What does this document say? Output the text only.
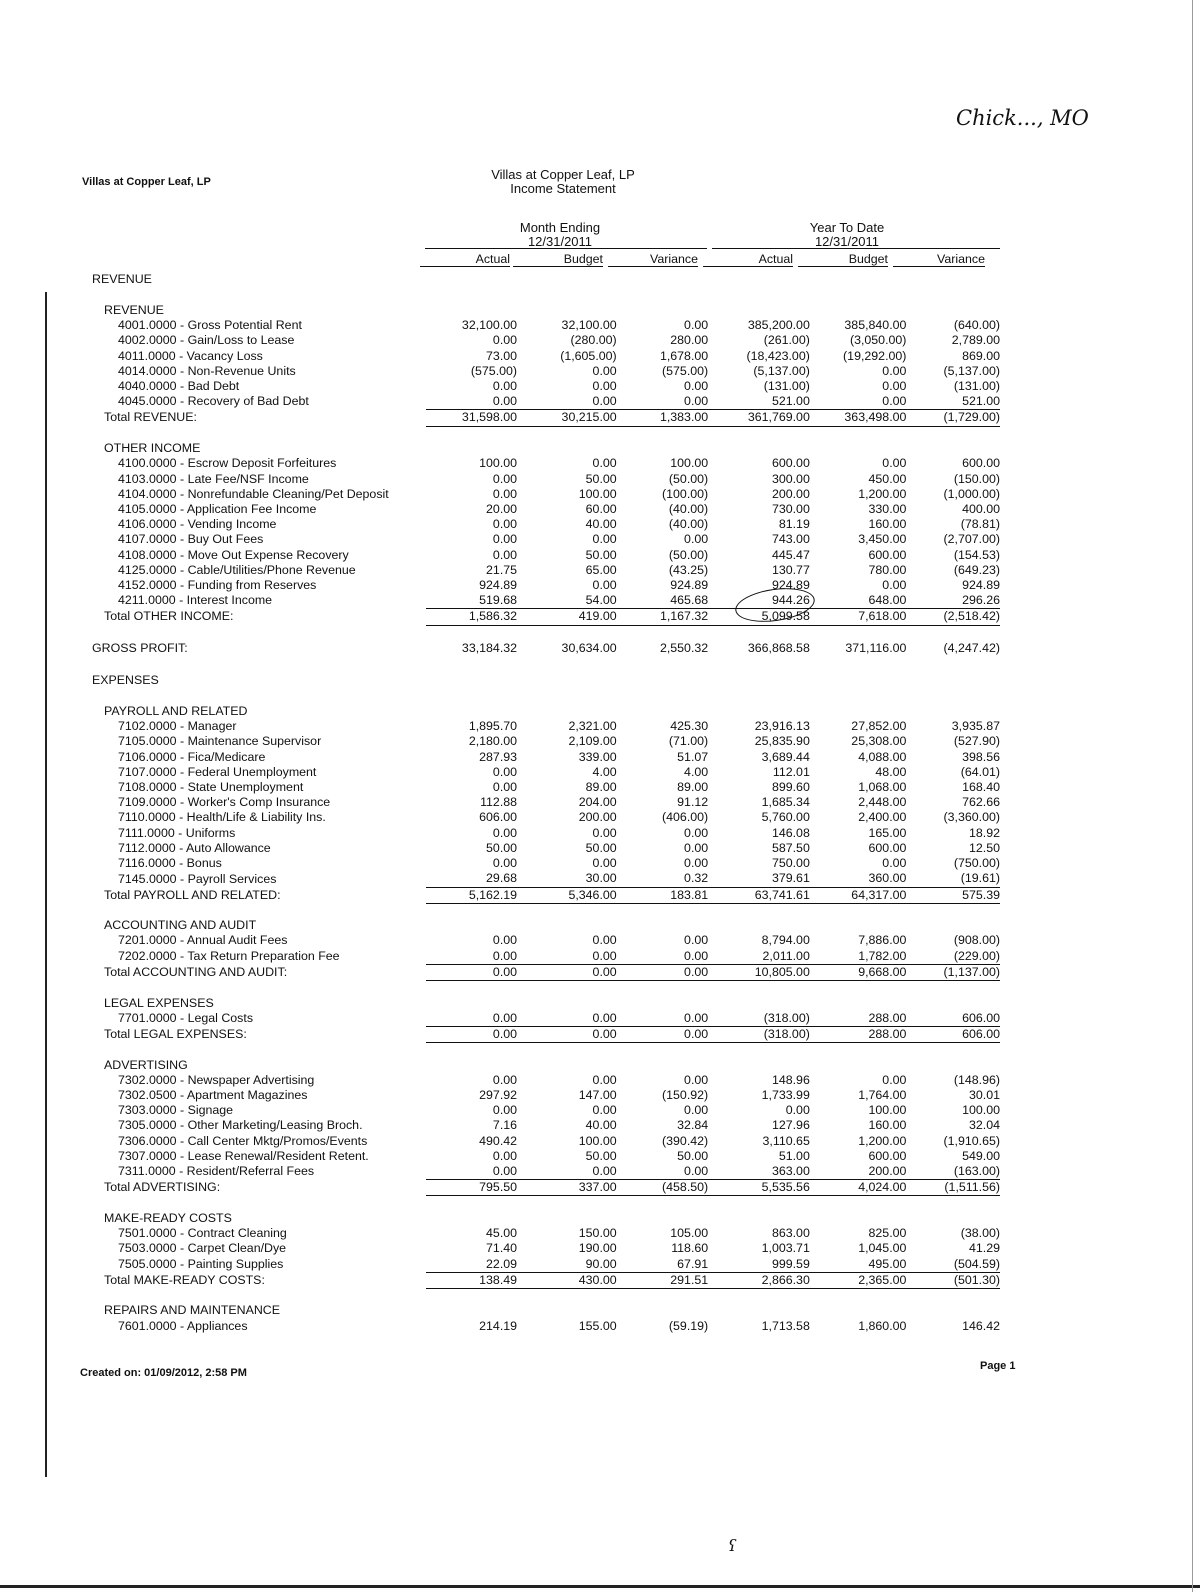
Chick..., MO
Villas at Copper Leaf, LP	Villas at Copper Leaf, LP
Income Statement
Month Ending
12/31/2011
Year To Date
12/31/2011
Actual	Budget	Variance	Actual	Budget	Variance
REVENUE						

REVENUE						
4001.0000 - Gross Potential Rent	32,100.00	32,100.00	0.00	385,200.00	385,840.00	(640.00)
4002.0000 - Gain/Loss to Lease	0.00	(280.00)	280.00	(261.00)	(3,050.00)	2,789.00
4011.0000 - Vacancy Loss	73.00	(1,605.00)	1,678.00	(18,423.00)	(19,292.00)	869.00
4014.0000 - Non-Revenue Units	(575.00)	0.00	(575.00)	(5,137.00)	0.00	(5,137.00)
4040.0000 - Bad Debt	0.00	0.00	0.00	(131.00)	0.00	(131.00)
4045.0000 - Recovery of Bad Debt	0.00	0.00	0.00	521.00	0.00	521.00
Total REVENUE:	31,598.00	30,215.00	1,383.00	361,769.00	363,498.00	(1,729.00)

OTHER INCOME						
4100.0000 - Escrow Deposit Forfeitures	100.00	0.00	100.00	600.00	0.00	600.00
4103.0000 - Late Fee/NSF Income	0.00	50.00	(50.00)	300.00	450.00	(150.00)
4104.0000 - Nonrefundable Cleaning/Pet Deposit	0.00	100.00	(100.00)	200.00	1,200.00	(1,000.00)
4105.0000 - Application Fee Income	20.00	60.00	(40.00)	730.00	330.00	400.00
4106.0000 - Vending Income	0.00	40.00	(40.00)	81.19	160.00	(78.81)
4107.0000 - Buy Out Fees	0.00	0.00	0.00	743.00	3,450.00	(2,707.00)
4108.0000 - Move Out Expense Recovery	0.00	50.00	(50.00)	445.47	600.00	(154.53)
4125.0000 - Cable/Utilities/Phone Revenue	21.75	65.00	(43.25)	130.77	780.00	(649.23)
4152.0000 - Funding from Reserves	924.89	0.00	924.89	924.89	0.00	924.89
4211.0000 - Interest Income	519.68	54.00	465.68	944.26	648.00	296.26
Total OTHER INCOME:	1,586.32	419.00	1,167.32	5,099.58	7,618.00	(2,518.42)

GROSS PROFIT:	33,184.32	30,634.00	2,550.32	366,868.58	371,116.00	(4,247.42)

EXPENSES						

PAYROLL AND RELATED						
7102.0000 - Manager	1,895.70	2,321.00	425.30	23,916.13	27,852.00	3,935.87
7105.0000 - Maintenance Supervisor	2,180.00	2,109.00	(71.00)	25,835.90	25,308.00	(527.90)
7106.0000 - Fica/Medicare	287.93	339.00	51.07	3,689.44	4,088.00	398.56
7107.0000 - Federal Unemployment	0.00	4.00	4.00	112.01	48.00	(64.01)
7108.0000 - State Unemployment	0.00	89.00	89.00	899.60	1,068.00	168.40
7109.0000 - Worker's Comp Insurance	112.88	204.00	91.12	1,685.34	2,448.00	762.66
7110.0000 - Health/Life & Liability Ins.	606.00	200.00	(406.00)	5,760.00	2,400.00	(3,360.00)
7111.0000 - Uniforms	0.00	0.00	0.00	146.08	165.00	18.92
7112.0000 - Auto Allowance	50.00	50.00	0.00	587.50	600.00	12.50
7116.0000 - Bonus	0.00	0.00	0.00	750.00	0.00	(750.00)
7145.0000 - Payroll Services	29.68	30.00	0.32	379.61	360.00	(19.61)
Total PAYROLL AND RELATED:	5,162.19	5,346.00	183.81	63,741.61	64,317.00	575.39

ACCOUNTING AND AUDIT						
7201.0000 - Annual Audit Fees	0.00	0.00	0.00	8,794.00	7,886.00	(908.00)
7202.0000 - Tax Return Preparation Fee	0.00	0.00	0.00	2,011.00	1,782.00	(229.00)
Total ACCOUNTING AND AUDIT:	0.00	0.00	0.00	10,805.00	9,668.00	(1,137.00)

LEGAL EXPENSES						
7701.0000 - Legal Costs	0.00	0.00	0.00	(318.00)	288.00	606.00
Total LEGAL EXPENSES:	0.00	0.00	0.00	(318.00)	288.00	606.00

ADVERTISING						
7302.0000 - Newspaper Advertising	0.00	0.00	0.00	148.96	0.00	(148.96)
7302.0500 - Apartment Magazines	297.92	147.00	(150.92)	1,733.99	1,764.00	30.01
7303.0000 - Signage	0.00	0.00	0.00	0.00	100.00	100.00
7305.0000 - Other Marketing/Leasing Broch.	7.16	40.00	32.84	127.96	160.00	32.04
7306.0000 - Call Center Mktg/Promos/Events	490.42	100.00	(390.42)	3,110.65	1,200.00	(1,910.65)
7307.0000 - Lease Renewal/Resident Retent.	0.00	50.00	50.00	51.00	600.00	549.00
7311.0000 - Resident/Referral Fees	0.00	0.00	0.00	363.00	200.00	(163.00)
Total ADVERTISING:	795.50	337.00	(458.50)	5,535.56	4,024.00	(1,511.56)

MAKE-READY COSTS						
7501.0000 - Contract Cleaning	45.00	150.00	105.00	863.00	825.00	(38.00)
7503.0000 - Carpet Clean/Dye	71.40	190.00	118.60	1,003.71	1,045.00	41.29
7505.0000 - Painting Supplies	22.09	90.00	67.91	999.59	495.00	(504.59)
Total MAKE-READY COSTS:	138.49	430.00	291.51	2,866.30	2,365.00	(501.30)

REPAIRS AND MAINTENANCE						
7601.0000 - Appliances	214.19	155.00	(59.19)	1,713.58	1,860.00	146.42
Created on: 01/09/2012, 2:58 PM
Page 1
ʕ
